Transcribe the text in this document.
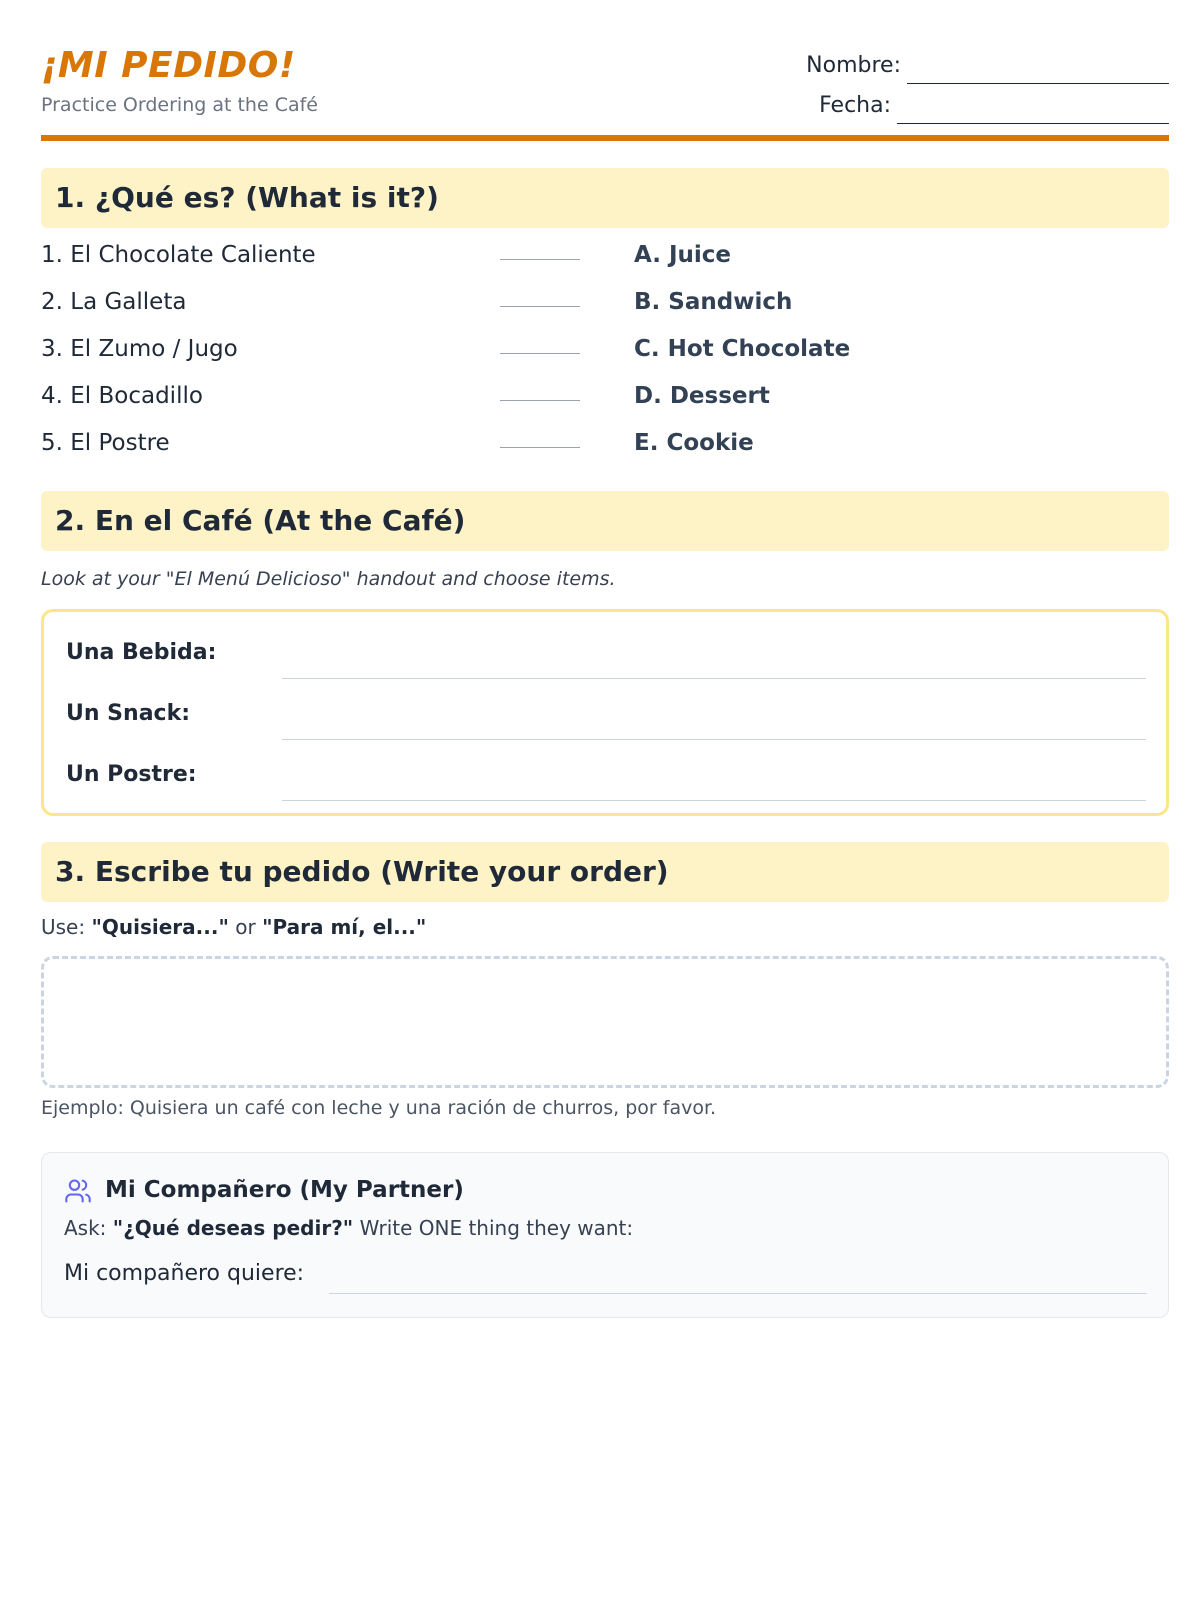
¡MI PEDIDO!
Practice Ordering at the Café
Nombre:
Fecha:
1. ¿Qué es? (What is it?)
1. El Chocolate Caliente	A. Juice
2. La Galleta	B. Sandwich
3. El Zumo / Jugo	C. Hot Chocolate
4. El Bocadillo	D. Dessert
5. El Postre	E. Cookie
2. En el Café (At the Café)
Look at your "El Menú Delicioso" handout and choose items.
Una Bebida:
Un Snack:
Un Postre:
3. Escribe tu pedido (Write your order)
Use: "Quisiera..." or "Para mí, el..."
Ejemplo: Quisiera un café con leche y una ración de churros, por favor.
Mi Compañero (My Partner)
Ask: "¿Qué deseas pedir?" Write ONE thing they want:
Mi compañero quiere:
